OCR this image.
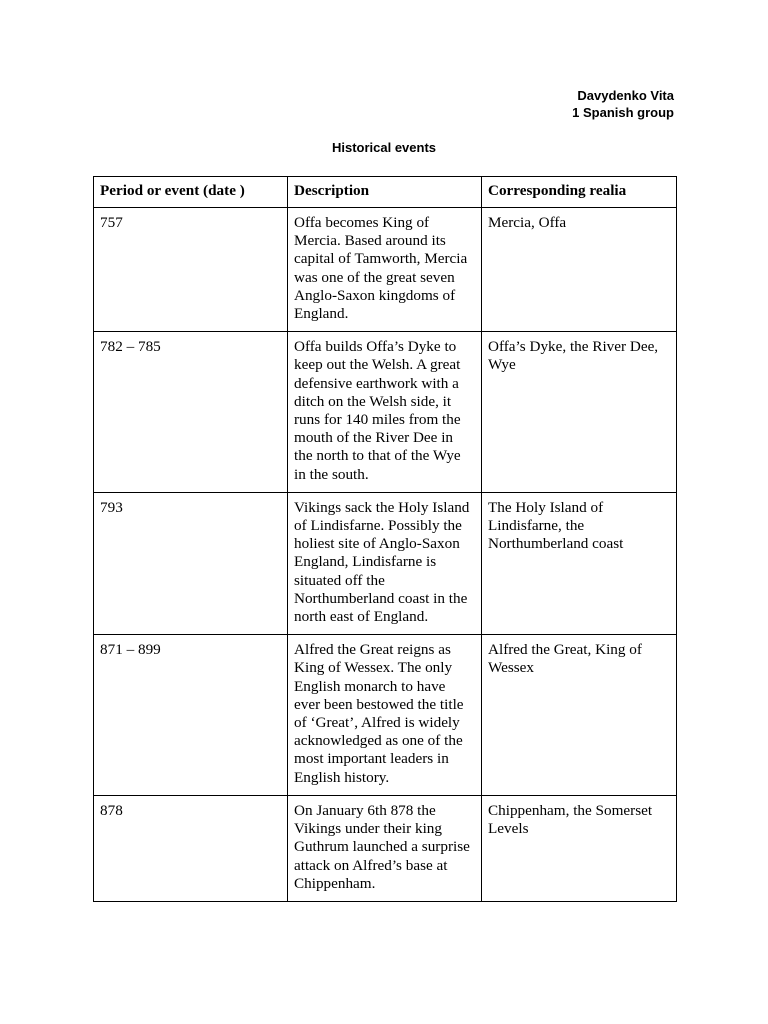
Davydenko Vita
1 Spanish group
Historical events
Period or event (date )	Description	Corresponding realia
757	Offa becomes King of Mercia. Based around its capital of Tamworth, Mercia was one of the great seven Anglo-Saxon kingdoms of England.	Mercia, Offa
782 – 785	Offa builds Offa’s Dyke to keep out the Welsh. A great defensive earthwork with a ditch on the Welsh side, it runs for 140 miles from the mouth of the River Dee in the north to that of the Wye in the south.	Offa’s Dyke, the River Dee, Wye
793	Vikings sack the Holy Island of Lindisfarne. Possibly the holiest site of Anglo-Saxon England, Lindisfarne is situated off the Northumberland coast in the north east of England.	The Holy Island of Lindisfarne, the Northumberland coast
871 – 899	Alfred the Great reigns as King of Wessex. The only English monarch to have ever been bestowed the title of ‘Great’, Alfred is widely acknowledged as one of the most important leaders in English history.	Alfred the Great, King of Wessex
878	On January 6th 878 the Vikings under their king Guthrum launched a surprise attack on Alfred’s base at Chippenham.	Chippenham, the Somerset Levels
